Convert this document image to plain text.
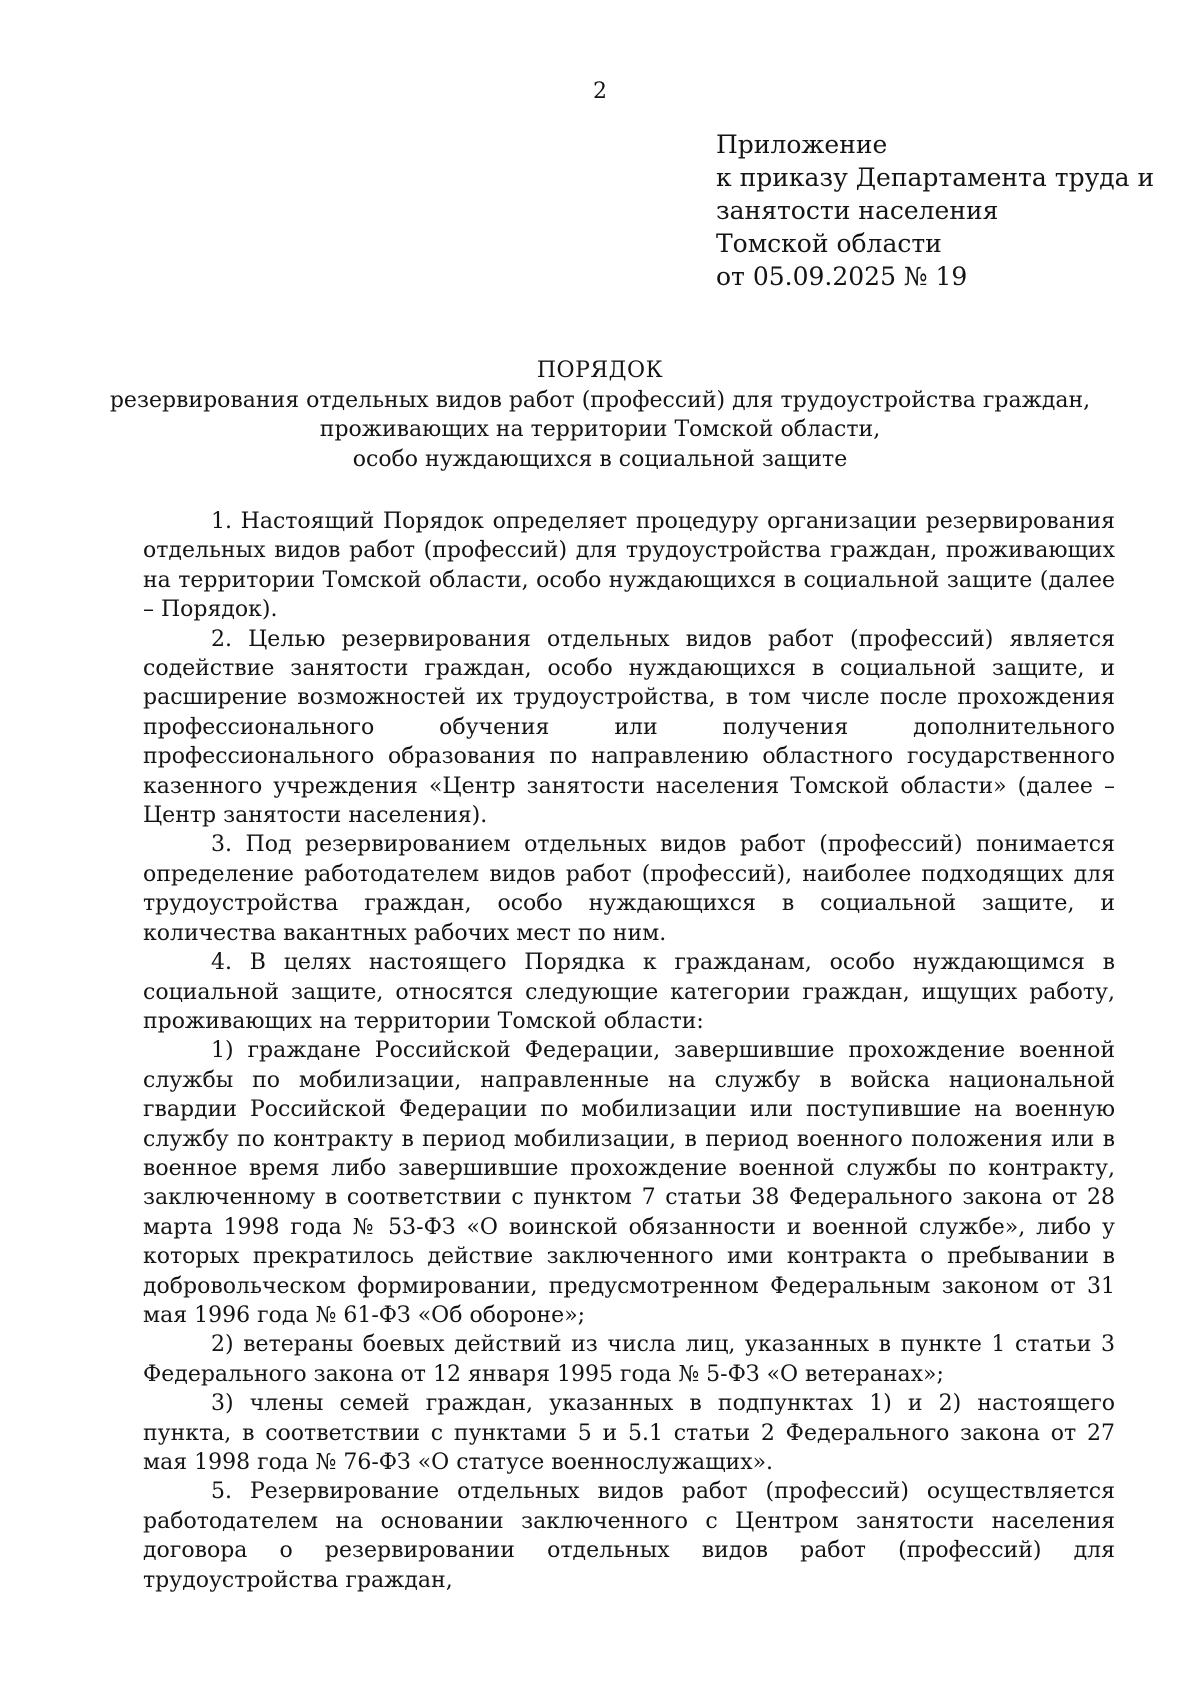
2
Приложение
к приказу Департамента труда и
занятости населения
Томской области
от 05.09.2025 № 19
ПОРЯДОК
резервирования отдельных видов работ (профессий) для трудоустройства граждан,
проживающих на территории Томской области,
особо нуждающихся в социальной защите

1. Настоящий Порядок определяет процедуру организации резервирования отдельных видов работ (профессий) для трудоустройства граждан, проживающих на территории Томской области, особо нуждающихся в социальной защите (далее – Порядок).

2. Целью резервирования отдельных видов работ (профессий) является содействие занятости граждан, особо нуждающихся в социальной защите, и расширение возможностей их трудоустройства, в том числе после прохождения профессионального обучения или получения дополнительного профессионального образования по направлению областного государственного казенного учреждения «Центр занятости населения Томской области» (далее – Центр занятости населения).

3. Под резервированием отдельных видов работ (профессий) понимается определение работодателем видов работ (профессий), наиболее подходящих для трудоустройства граждан, особо нуждающихся в социальной защите, и количества вакантных рабочих мест по ним.

4. В целях настоящего Порядка к гражданам, особо нуждающимся в социальной защите, относятся следующие категории граждан, ищущих работу, проживающих на территории Томской области:

1) граждане Российской Федерации, завершившие прохождение военной службы по мобилизации, направленные на службу в войска национальной гвардии Российской Федерации по мобилизации или поступившие на военную службу по контракту в период мобилизации, в период военного положения или в военное время либо завершившие прохождение военной службы по контракту, заключенному в соответствии с пунктом 7 статьи 38 Федерального закона от 28 марта 1998 года № 53-ФЗ «О воинской обязанности и военной службе», либо у которых прекратилось действие заключенного ими контракта о пребывании в добровольческом формировании, предусмотренном Федеральным законом от 31 мая 1996 года № 61-ФЗ «Об обороне»;

2) ветераны боевых действий из числа лиц, указанных в пункте 1 статьи 3 Федерального закона от 12 января 1995 года № 5-ФЗ «О ветеранах»;

3) члены семей граждан, указанных в подпунктах 1) и 2) настоящего пункта, в соответствии с пунктами 5 и 5.1 статьи 2 Федерального закона от 27 мая 1998 года № 76-ФЗ «О статусе военнослужащих».

5. Резервирование отдельных видов работ (профессий) осуществляется работодателем на основании заключенного с Центром занятости населения договора о резервировании отдельных видов работ (профессий) для трудоустройства граждан,
